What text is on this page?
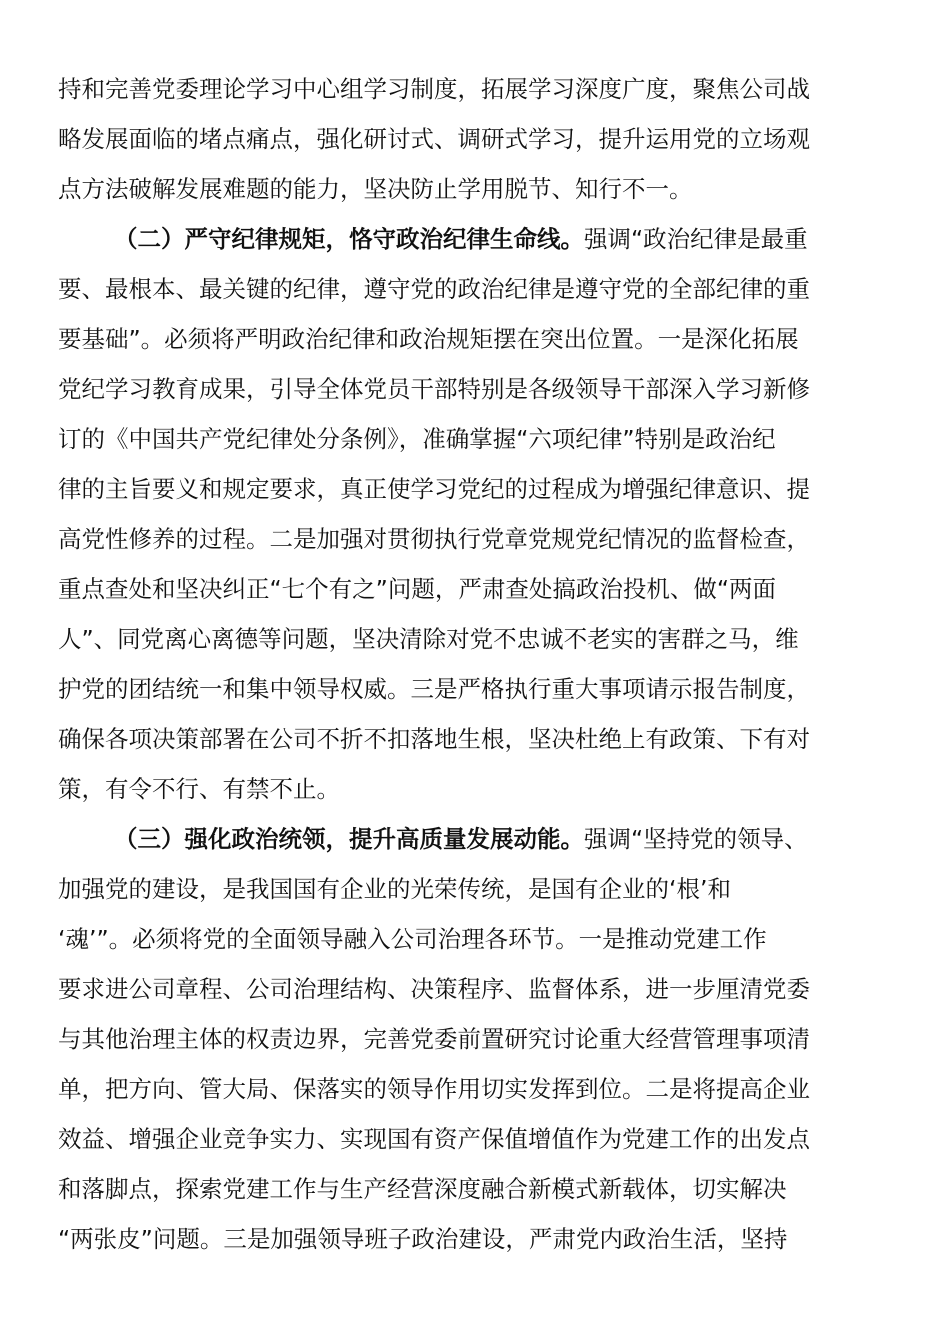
持和完善党委理论学习中心组学习制度，拓展学习深度广度，聚焦公司战
略发展面临的堵点痛点，强化研讨式、调研式学习，提升运用党的立场观
点方法破解发展难题的能力，坚决防止学用脱节、知行不一。
（二）严守纪律规矩，恪守政治纪律生命线。强调“政治纪律是最重
要、最根本、最关键的纪律，遵守党的政治纪律是遵守党的全部纪律的重
要基础”。必须将严明政治纪律和政治规矩摆在突出位置。一是深化拓展
党纪学习教育成果，引导全体党员干部特别是各级领导干部深入学习新修
订的《中国共产党纪律处分条例》，准确掌握“六项纪律”特别是政治纪
律的主旨要义和规定要求，真正使学习党纪的过程成为增强纪律意识、提
高党性修养的过程。二是加强对贯彻执行党章党规党纪情况的监督检查，
重点查处和坚决纠正“七个有之”问题，严肃查处搞政治投机、做“两面
人”、同党离心离德等问题，坚决清除对党不忠诚不老实的害群之马，维
护党的团结统一和集中领导权威。三是严格执行重大事项请示报告制度，
确保各项决策部署在公司不折不扣落地生根，坚决杜绝上有政策、下有对
策，有令不行、有禁不止。
（三）强化政治统领，提升高质量发展动能。强调“坚持党的领导、
加强党的建设，是我国国有企业的光荣传统，是国有企业的‘根’和
‘魂’”。必须将党的全面领导融入公司治理各环节。一是推动党建工作
要求进公司章程、公司治理结构、决策程序、监督体系，进一步厘清党委
与其他治理主体的权责边界，完善党委前置研究讨论重大经营管理事项清
单，把方向、管大局、保落实的领导作用切实发挥到位。二是将提高企业
效益、增强企业竞争实力、实现国有资产保值增值作为党建工作的出发点
和落脚点，探索党建工作与生产经营深度融合新模式新载体，切实解决
“两张皮”问题。三是加强领导班子政治建设，严肃党内政治生活，坚持
